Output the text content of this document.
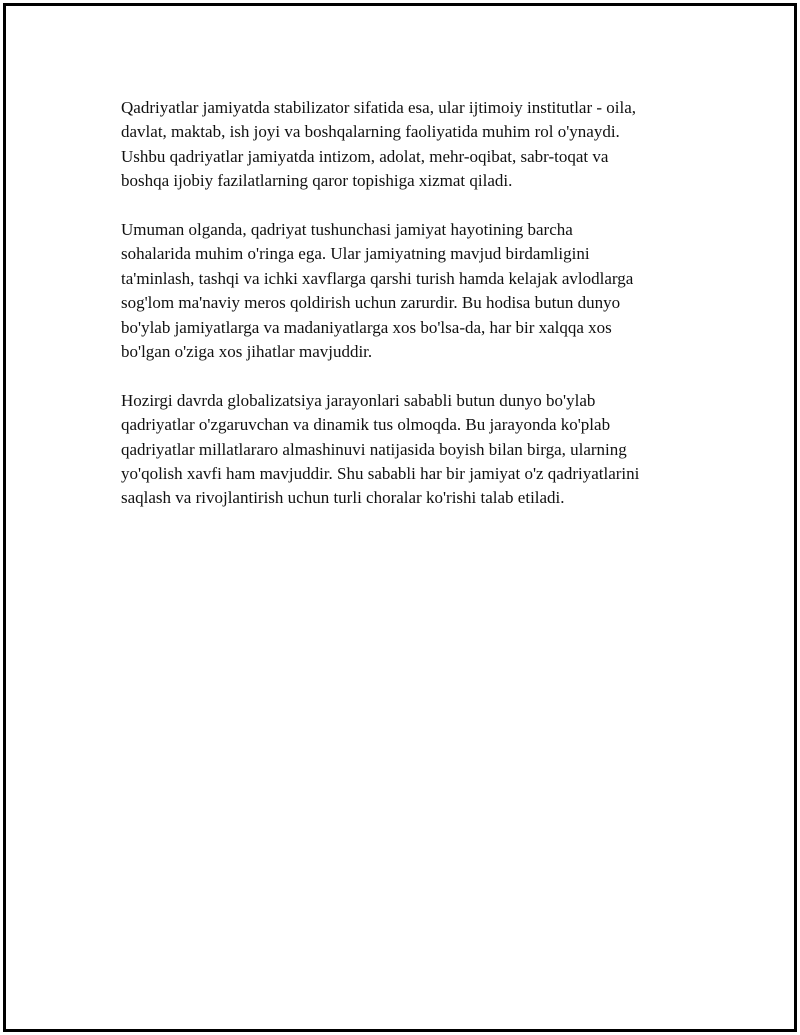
Qadriyatlar jamiyatda stabilizator sifatida esa, ular ijtimoiy institutlar - oila,
davlat, maktab, ish joyi va boshqalarning faoliyatida muhim rol o'ynaydi.
Ushbu qadriyatlar jamiyatda intizom, adolat, mehr-oqibat, sabr-toqat va
boshqa ijobiy fazilatlarning qaror topishiga xizmat qiladi.

Umuman olganda, qadriyat tushunchasi jamiyat hayotining barcha
sohalarida muhim o'ringa ega. Ular jamiyatning mavjud birdamligini
ta'minlash, tashqi va ichki xavflarga qarshi turish hamda kelajak avlodlarga
sog'lom ma'naviy meros qoldirish uchun zarurdir. Bu hodisa butun dunyo
bo'ylab jamiyatlarga va madaniyatlarga xos bo'lsa-da, har bir xalqqa xos
bo'lgan o'ziga xos jihatlar mavjuddir.

Hozirgi davrda globalizatsiya jarayonlari sababli butun dunyo bo'ylab
qadriyatlar o'zgaruvchan va dinamik tus olmoqda. Bu jarayonda ko'plab
qadriyatlar millatlararo almashinuvi natijasida boyish bilan birga, ularning
yo'qolish xavfi ham mavjuddir. Shu sababli har bir jamiyat o'z qadriyatlarini
saqlash va rivojlantirish uchun turli choralar ko'rishi talab etiladi.
